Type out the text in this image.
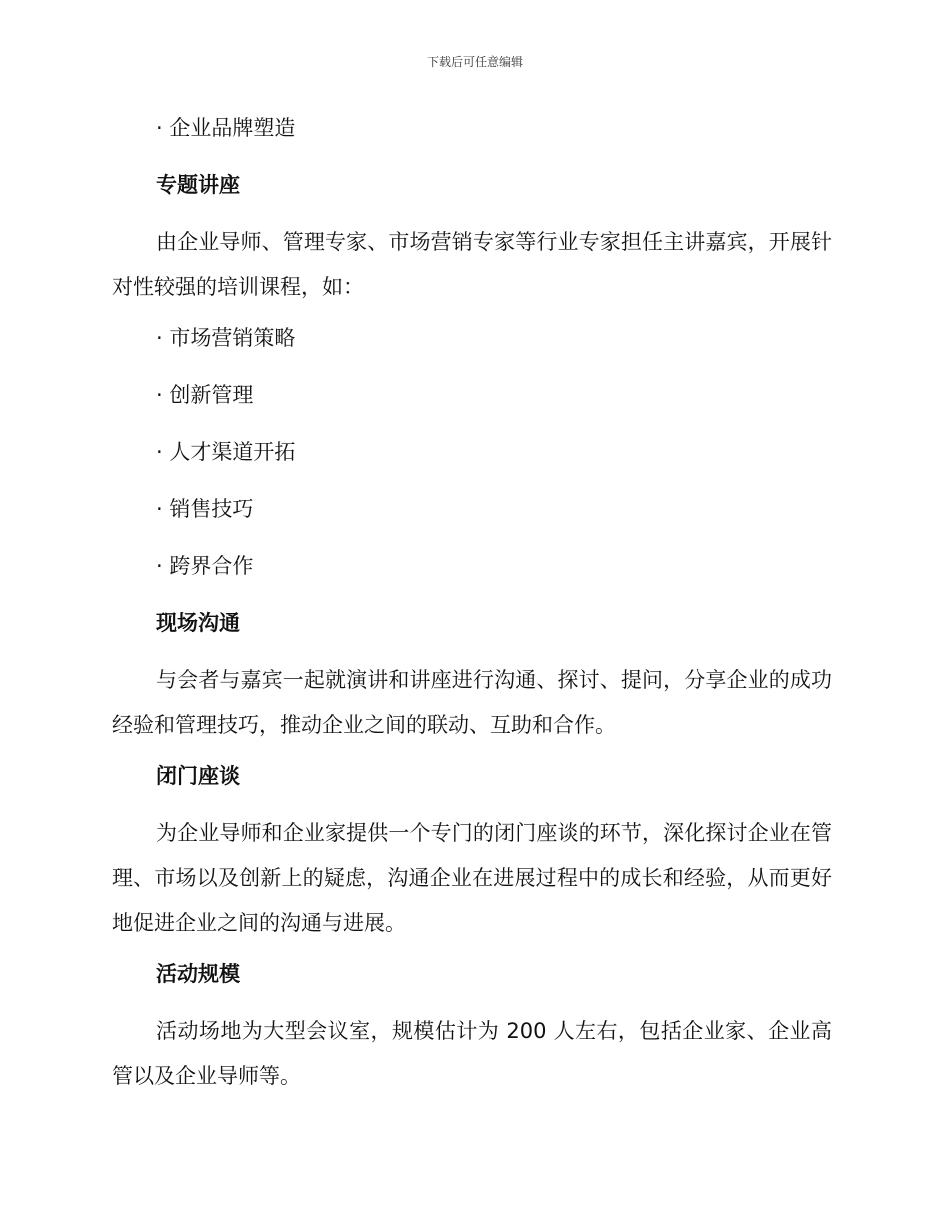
下载后可任意编辑
· 企业品牌塑造
专题讲座
由企业导师、管理专家、市场营销专家等行业专家担任主讲嘉宾，开展针对性较强的培训课程，如：
· 市场营销策略
· 创新管理
· 人才渠道开拓
· 销售技巧
· 跨界合作
现场沟通
与会者与嘉宾一起就演讲和讲座进行沟通、探讨、提问，分享企业的成功经验和管理技巧，推动企业之间的联动、互助和合作。
闭门座谈
为企业导师和企业家提供一个专门的闭门座谈的环节，深化探讨企业在管理、市场以及创新上的疑虑，沟通企业在进展过程中的成长和经验，从而更好地促进企业之间的沟通与进展。
活动规模
活动场地为大型会议室，规模估计为 200 人左右，包括企业家、企业高管以及企业导师等。
